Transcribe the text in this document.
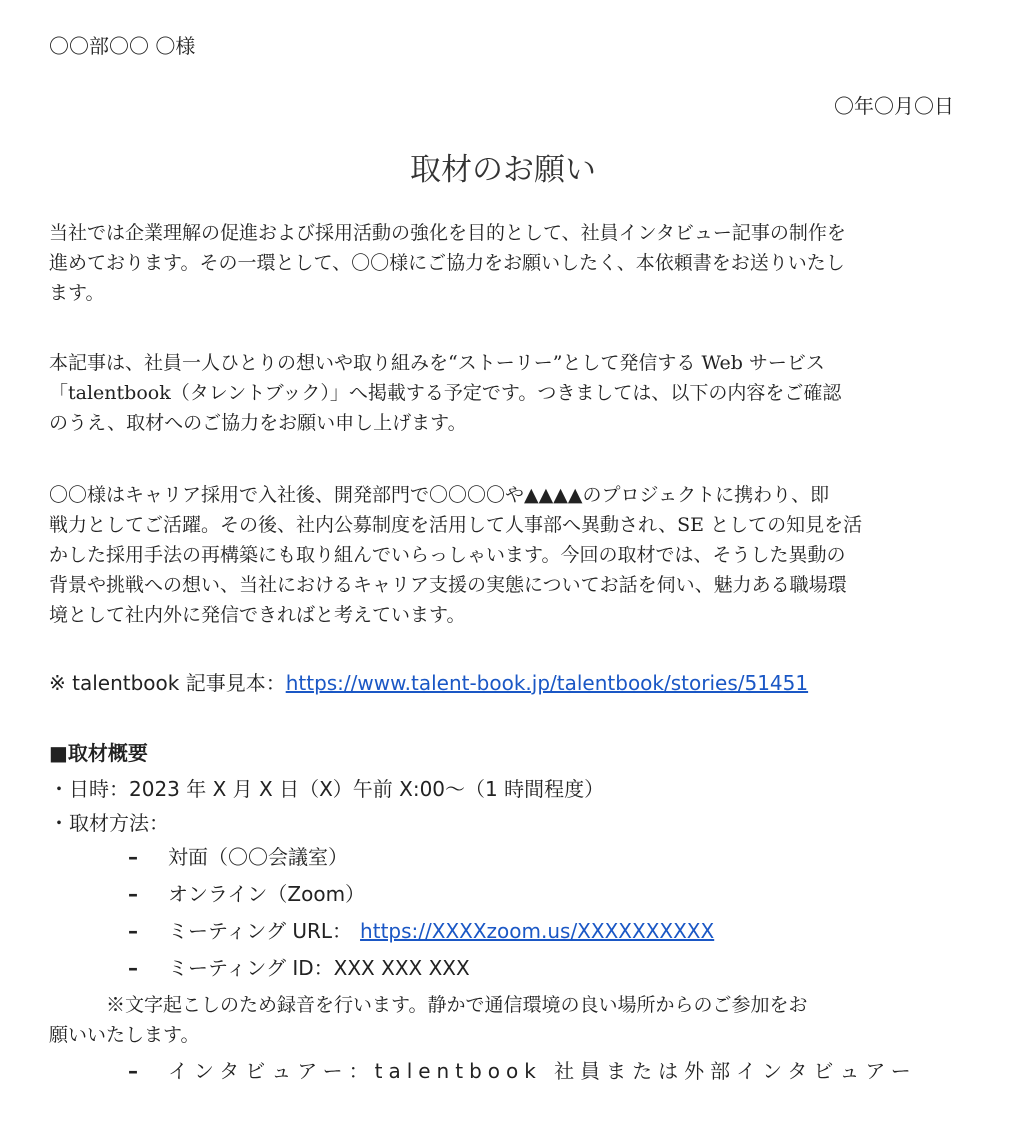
〇〇部〇〇 〇様
〇年〇月〇日
取材のお願い
当社では企業理解の促進および採用活動の強化を目的として、社員インタビュー記事の制作を
進めております。その一環として、〇〇様にご協力をお願いしたく、本依頼書をお送りいたし
ます。
本記事は、社員一人ひとりの想いや取り組みを“ストーリー”として発信する Web サービス
「talentbook（タレントブック）」へ掲載する予定です。つきましては、以下の内容をご確認
のうえ、取材へのご協力をお願い申し上げます。
〇〇様はキャリア採用で入社後、開発部門で〇〇〇〇や▲▲▲▲のプロジェクトに携わり、即
戦力としてご活躍。その後、社内公募制度を活用して人事部へ異動され、SE としての知見を活
かした採用手法の再構築にも取り組んでいらっしゃいます。今回の取材では、そうした異動の
背景や挑戦への想い、当社におけるキャリア支援の実態についてお話を伺い、魅力ある職場環
境として社内外に発信できればと考えています。
※ talentbook 記事見本：https://www.talent-book.jp/talentbook/stories/51451
■取材概要
・日時：2023 年 X 月 X 日（X）午前 X:00～（1 時間程度）
・取材方法：
– 対面（〇〇会議室）
– オンライン（Zoom）
– ミーティング URL： https://XXXXzoom.us/XXXXXXXXXX
– ミーティング ID：XXX XXX XXX
　　　※文字起こしのため録音を行います。静かで通信環境の良い場所からのご参加をお
願いいたします。
–	インタビュアー：talentbook 社員または外部インタビュアー
